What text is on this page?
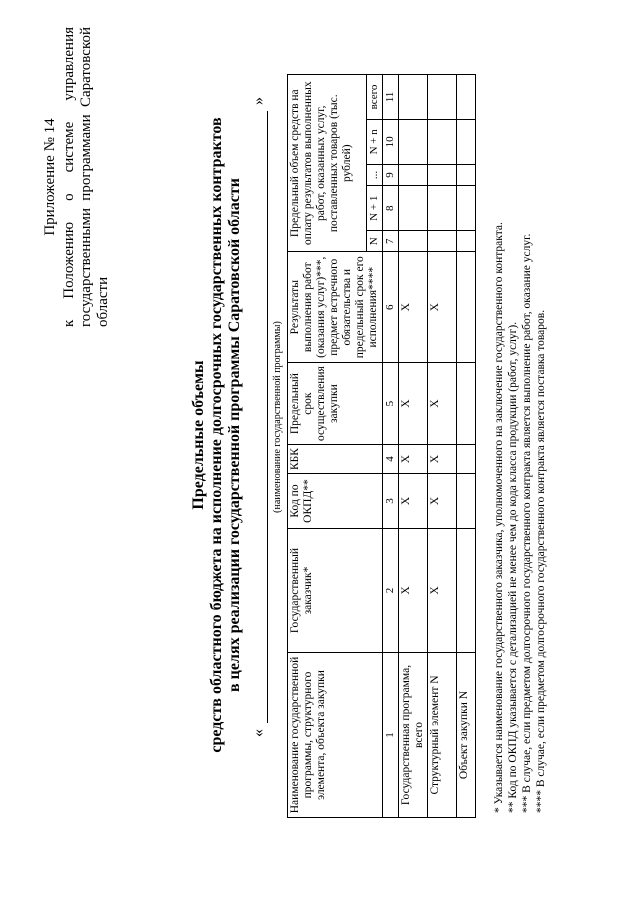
Приложение № 14 к Положению о системе управления государственными программами Саратовской области
Предельные объемы средств областного бюджета на исполнение долгосрочных государственных контрактов в целях реализации государственной программы Саратовской области
«
»
(наименование государственной программы)
Наименование государственной программы, структурного элемента, объекта закупки	Государственный заказчик*	Код по ОКПД**	КБК	Предельный срок осуществления закупки	Результаты выполнения работ (оказания услуг)***, предмет встречного обязательства и предельный срок его исполнения****	Предельный объем средств на оплату результатов выполненных работ, оказанных услуг, поставленных товаров (тыс. рублей)				
						N	N + 1	...	N + n	всего
1	2	3	4	5	6	7	8	9	10	11
Государственная программа, всего	Х	Х	Х	Х	Х					
Структурный элемент N	Х	Х	Х	Х	Х					
Объект закупки N										* Указывается наименование государственного заказчика, уполномоченного на заключение государственного контракта. ** Код по ОКПД указывается с детализацией не менее чем до кода класса продукции (работ, услуг). *** В случае, если предметом долгосрочного государственного контракта является выполнение работ, оказание услуг. **** В случае, если предметом долгосрочного государственного контракта является поставка товаров.
